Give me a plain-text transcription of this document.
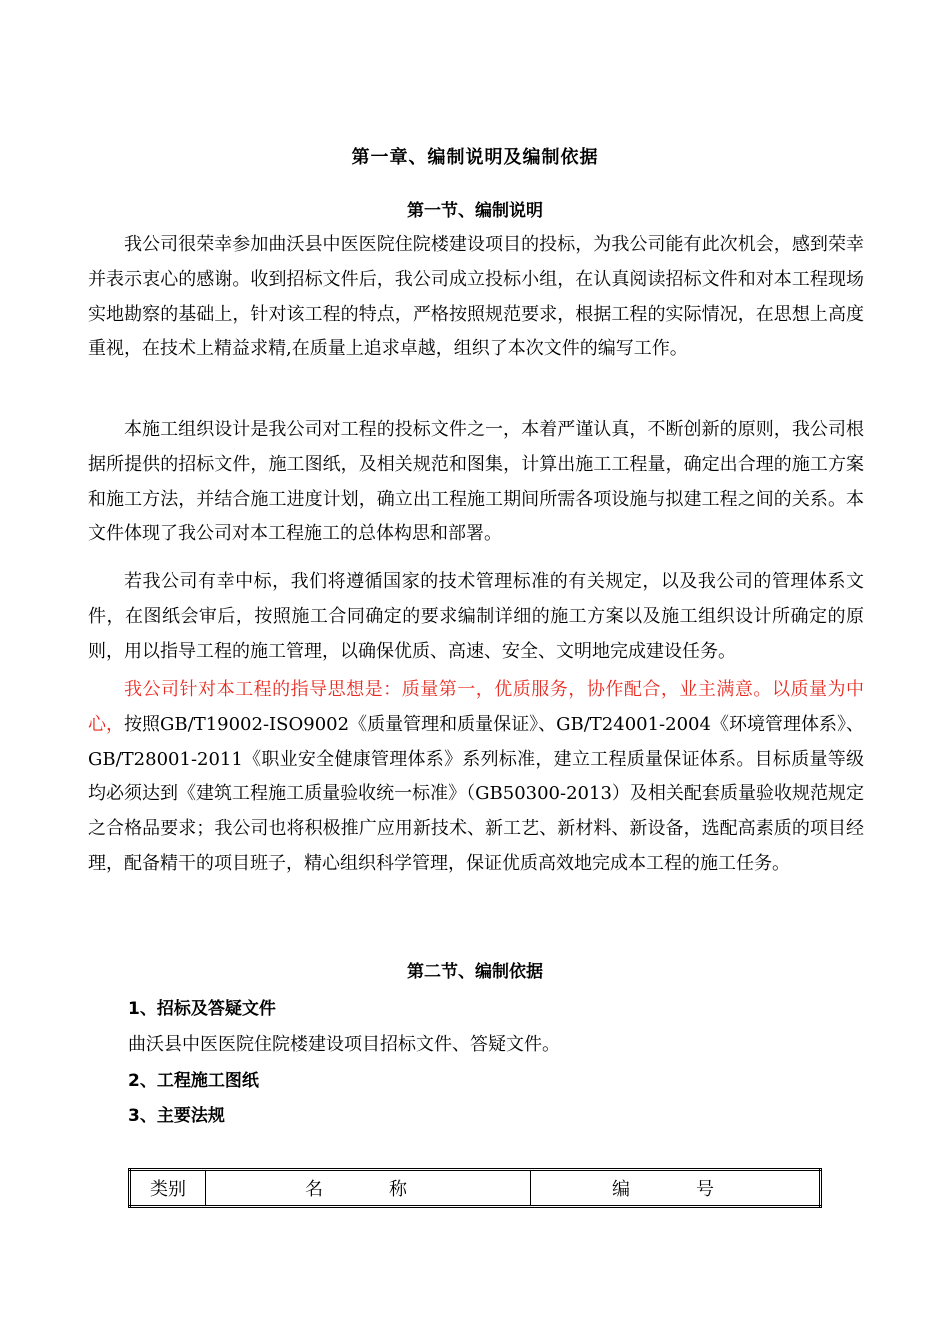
第一章、编制说明及编制依据
第一节、编制说明

我公司很荣幸参加曲沃县中医医院住院楼建设项目的投标，为我公司能有此次机会，感到荣幸并表示衷心的感谢。收到招标文件后，我公司成立投标小组，在认真阅读招标文件和对本工程现场实地勘察的基础上，针对该工程的特点，严格按照规范要求，根据工程的实际情况，在思想上高度重视，在技术上精益求精,在质量上追求卓越，组织了本次文件的编写工作。

本施工组织设计是我公司对工程的投标文件之一，本着严谨认真，不断创新的原则，我公司根据所提供的招标文件，施工图纸，及相关规范和图集，计算出施工工程量，确定出合理的施工方案和施工方法，并结合施工进度计划，确立出工程施工期间所需各项设施与拟建工程之间的关系。本文件体现了我公司对本工程施工的总体构思和部署。

若我公司有幸中标，我们将遵循国家的技术管理标准的有关规定，以及我公司的管理体系文件，在图纸会审后，按照施工合同确定的要求编制详细的施工方案以及施工组织设计所确定的原则，用以指导工程的施工管理，以确保优质、高速、安全、文明地完成建设任务。

我公司针对本工程的指导思想是：质量第一，优质服务，协作配合，业主满意。以质量为中心，按照GB/T19002-ISO9002《质量管理和质量保证》、GB/T24001-2004《环境管理体系》、GB/T28001-2011《职业安全健康管理体系》系列标准，建立工程质量保证体系。目标质量等级均必须达到《建筑工程施工质量验收统一标准》（GB50300-2013）及相关配套质量验收规范规定之合格品要求；我公司也将积极推广应用新技术、新工艺、新材料、新设备，选配高素质的项目经理，配备精干的项目班子，精心组织科学管理，保证优质高效地完成本工程的施工任务。

第二节、编制依据
1、招标及答疑文件
曲沃县中医医院住院楼建设项目招标文件、答疑文件。
2、工程施工图纸
3、主要法规
类别	名　称	编　号
